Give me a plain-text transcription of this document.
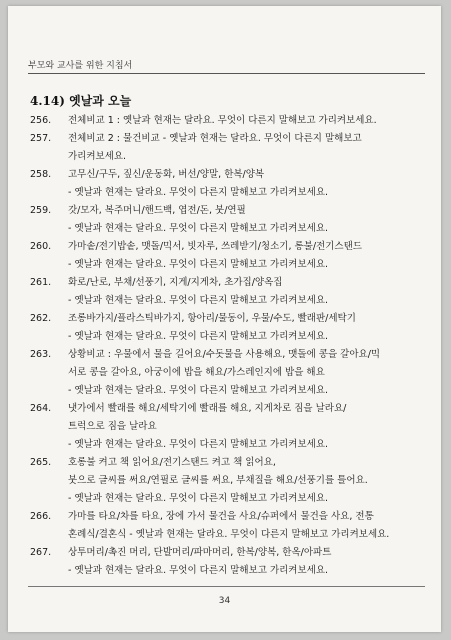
부모와 교사를 위한 지침서
4.14) 옛날과 오늘
256. 전체비교 1 : 옛날과 현재는 달라요. 무엇이 다른지 말해보고 가리켜보세요.
257. 전체비교 2 : 물건비교 - 옛날과 현재는 달라요. 무엇이 다른지 말해보고
가리켜보세요.
258. 고무신/구두, 짚신/운동화, 버선/양말, 한복/양복
- 옛날과 현재는 달라요. 무엇이 다른지 말해보고 가리켜보세요.
259. 갓/모자, 복주머니/핸드백, 엽전/돈, 붓/연필
- 옛날과 현재는 달라요. 무엇이 다른지 말해보고 가리켜보세요.
260. 가마솥/전기밥솥, 맷돌/믹서, 빗자루, 쓰레받기/청소기, 롱불/전기스탠드
- 옛날과 현재는 달라요. 무엇이 다른지 말해보고 가리켜보세요.
261. 화로/난로, 부채/선풍기, 지게/지게차, 초가집/양옥집
- 옛날과 현재는 달라요. 무엇이 다른지 말해보고 가리켜보세요.
262. 조롱바가지/플라스틱바가지, 항아리/물동이, 우물/수도, 빨래판/세탁기
- 옛날과 현재는 달라요. 무엇이 다른지 말해보고 가리켜보세요.
263. 상황비교 : 우물에서 물을 길어요/수돗물을 사용해요, 맷돌에 콩을 갈아요/믹
서로 콩을 갈아요, 아궁이에 밥을 해요/가스레인지에 밥을 해요
- 옛날과 현재는 달라요. 무엇이 다른지 말해보고 가리켜보세요.
264. 냇가에서 빨래를 해요/세탁기에 빨래를 해요, 지게차로 짐을 날라요/
트럭으로 짐을 날라요
- 옛날과 현재는 달라요. 무엇이 다른지 말해보고 가리켜보세요.
265. 호롱불 켜고 책 읽어요/전기스탠드 켜고 책 읽어요,
붓으로 글씨를 써요/연필로 글씨를 써요, 부채질을 해요/선풍기를 틀어요.
- 옛날과 현재는 달라요. 무엇이 다른지 말해보고 가리켜보세요.
266. 가마를 타요/차를 타요, 장에 가서 물건을 사요/슈퍼에서 물건을 사요, 전통
혼례식/결혼식 - 옛날과 현재는 달라요. 무엇이 다른지 말해보고 가리켜보세요.
267. 상투머리/촉진 머리, 단발머리/파마머리, 한복/양복, 한옥/아파트
- 옛날과 현재는 달라요. 무엇이 다른지 말해보고 가리켜보세요.
34
